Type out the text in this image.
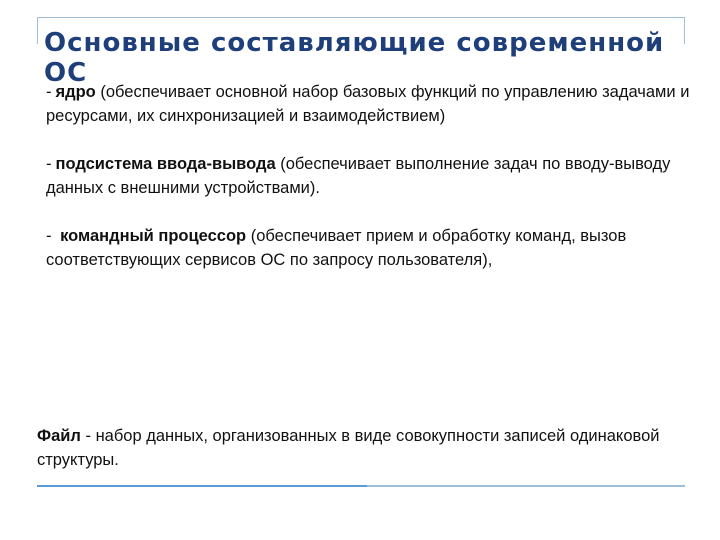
Основные составляющие современной ОС

- ядро (обеспечивает основной набор базовых функций по управлению задачами и ресурсами, их синхронизацией и взаимодействием)

- подсистема ввода-вывода (обеспечивает выполнение задач по вводу-выводу данных с внешними устройствами).

- командный процессор (обеспечивает прием и обработку команд, вызов соответствующих сервисов ОС по запросу пользователя),

Файл - набор данных, организованных в виде совокупности записей одинаковой структуры.
